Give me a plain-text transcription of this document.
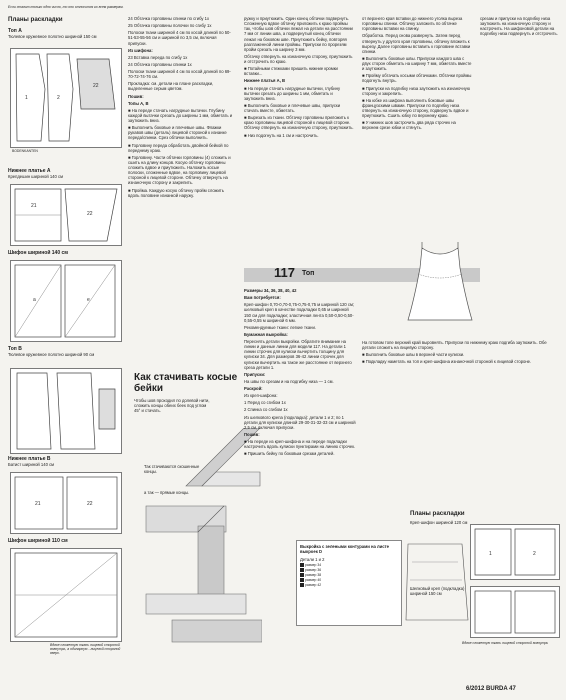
Если ставит только одно число, то оно относится ко всем размерам.
Планы раскладки
Топ А
Тюлевое кружевное полотно шириной 150 см
1	2
22
BODENKANTEN
Нижнее платье А
Крепдешин шириной 140 см
21
22
Шифон шириной 140 см
a	e
Топ В
Тюлевое кружевное полотно шириной 90 см
Нижнее платье В
Батист шириной 140 см
21	22
Шифон шириной 110 см
Вдвое сложенную ткань лицевой стороной вовнутрь, а одинарную - лицевой стороной вверх.

24 Обтачка горловины спинки по сгибу 1х

25 Обтачка горловины полочки по сгибу 1х

Полоски ткани шириной 4 см по косой длиной по 50-51-53-55-56 см и шириной по 3,5 см, включая припуски.

Из шифона:

23 Вставка переда по сгибу 1х

24 Обтачка горловины спинки 1х

Полоски ткани шириной 4 см по косой длиной по 69-70-72-74-76 см.

Прокладка: см. детали на плане раскладки, выделенные серым цветом.

Пошив:

Топы А, В

■ На переде стачать нагрудные вытачки. Глубину каждой вытачки срезать до ширины 1 мм, обметать и заутюжить вниз.

■ Выполнить боковые и плечевые швы. Флажки рукавов швы (деталь) лицевой стороной к изнанке переда/спинки. Срез обтачки выполнить.

■ Горловину переда обработать двойной бейкой по переднему краю.

■ Горловину. Части обтачки горловины (4) сложить и сшить на длину концов. Косую обтачку горловины сложить вдвое и приутюжить. Наложить косые полоски, сложенные вдвое, на горловину лицевой стороной к лицевой стороне. Обтачку отвернуть на изнаночную сторону и закрепить.

■ Пройма. Каждую косую обтачку пройм сложить вдоль половине изнанкой наружу.

Как стачивать косые бейки
Чтобы шов проходил по долевой нити, сложить концы обеих беек под углом 45° и стачать.
Так стачиваются скошенные концы.
а так — прямые концы.

ружку и приутюжить. Один конец обтачки подвернуть. Сложенную вдвое обтачку приложить к краю проймы так, чтобы шов обтачки лежал на детали на расстоянии 7 мм от линии шва, а подвернутый конец обтачки лежал на боковом шве. Приутюжить бейку, повторяя разглаженной линии проймы. Припуски по прорезям пройм срезать на ширину 3 мм.

Обтачку отвернуть на изнаночную сторону, приутюжить и отстрочить по краю.

■ Потайными стежками пришить нижние кромки вставки...

Нижнее платья А, В

■ На переде стачать нагрудные вытачки, глубину вытачки срезать до ширины 1 мм, обметать и заутюжить вниз.

■ Выполнить боковые и плечевые швы, припуски стачать вместе, обметать.

■ Вырезать из ткани. Обтачку горловины приложить к краю горловины лицевой стороной к лицевой стороне. Обтачку отвернуть на изнаночную сторону, приутюжить.

■ Низ подогнуть на 1 см и настрочить.

от верхнего края вставки до нижнего уголка выреза горловины спинки. Обтачку заложить по обтачке горловины вставки на спинку.

Обработка. Перед снова развернуть. Затем перед отвернуть у другого края горловины, обтачку вложить к вырезу. Далее горловины вставить к горловине вставки спинки.

■ Выполнить боковые швы. Припуски каждого шва с двух сторон обметать на ширину 7 мм, обметать вместе и заутюжить.

■ Пройму обтачать косыми обтачками. Обтачки проймы подогнуть внутрь.

■ Припуски на подгибку низа заутюжить на изнаночную сторону и закрепить.

■ На юбке из шифона выполнить боковые швы французскими швами. Припуски по подгибку низа отвернуть на изнаночную сторону, подвернуть вдвое и приутюжить. Сшить юбку по верхнему краю.

■ У нижних шов застрочить два ряда строчек на верхнем срезе юбки и стянуть.

срезам и припуски на подгибку низа заутюжить на изнаночную сторону и настрочить. На шифоновой детали на подгибку низа подвернуть и отстрочить.

117 Топ

Размеры 34, 36, 38, 40, 42

Вам потребуется:

Креп-шифон 0,70-0,70-0,75-0,75-0,75 м шириной 120 см; шелковый креп в качестве подкладки 0,65 м шириной 150 см для подкладки; эластичная лента 0,50-0,50-0,50-0,55-0,55 м шириной 6 мм.

Рекомендуемые ткани: легкие ткани.

Бумажная выкройка:

Переснять детали выкройки. Обратите внимание на линии и данные линии для модели 117. На детали 1 линии строчек для кулиски вычертить толщину для кулиски 34. Для размеров 36-42 линии строчек для кулиски вычертить на такое же расстояние от верхнего среза детали 1.

Припуски:

На швы по срезам и на подгибку низа — 1 см.

Раскрой:

Из креп-шифона:

1 Перед со сгибом 1х

2 Спинка со сгибом 1х

Из шелкового крепа (подкладка): детали 1 и 2; по 1 детали для кулиски длиной 29-30-31-32-33 см и шириной 2,5 см, включая припуски.

Пошив:

■ На переде из креп-шифона и на переде подкладки настрочить вдоль кулиски пунктирами на линию строчек.

■ Пришить бейку по боковым срезам деталей.

Выкройка с зелеными контурами на листе выкроек D
Детали 1 и 2
размер 34
размер 36
размер 38
размер 40
размер 42

На готовом топе верхний край выровнять. Припуски по нижнему краю подгиба заутюжить. Обе детали сложить на лицевую сторону.

■ Выполнить боковые швы в верхней части кулиски.

■ Подкладку наметать на топ и креп-шифона изнаночной стороной к лицевой стороне.

Планы раскладки
Креп-шифон шириной 120 см
1	2
Шелковый креп (подкладка) шириной 150 см
Вдвое сложенную ткань лицевой стороной вовнутрь
6/2012 BURDA 47
